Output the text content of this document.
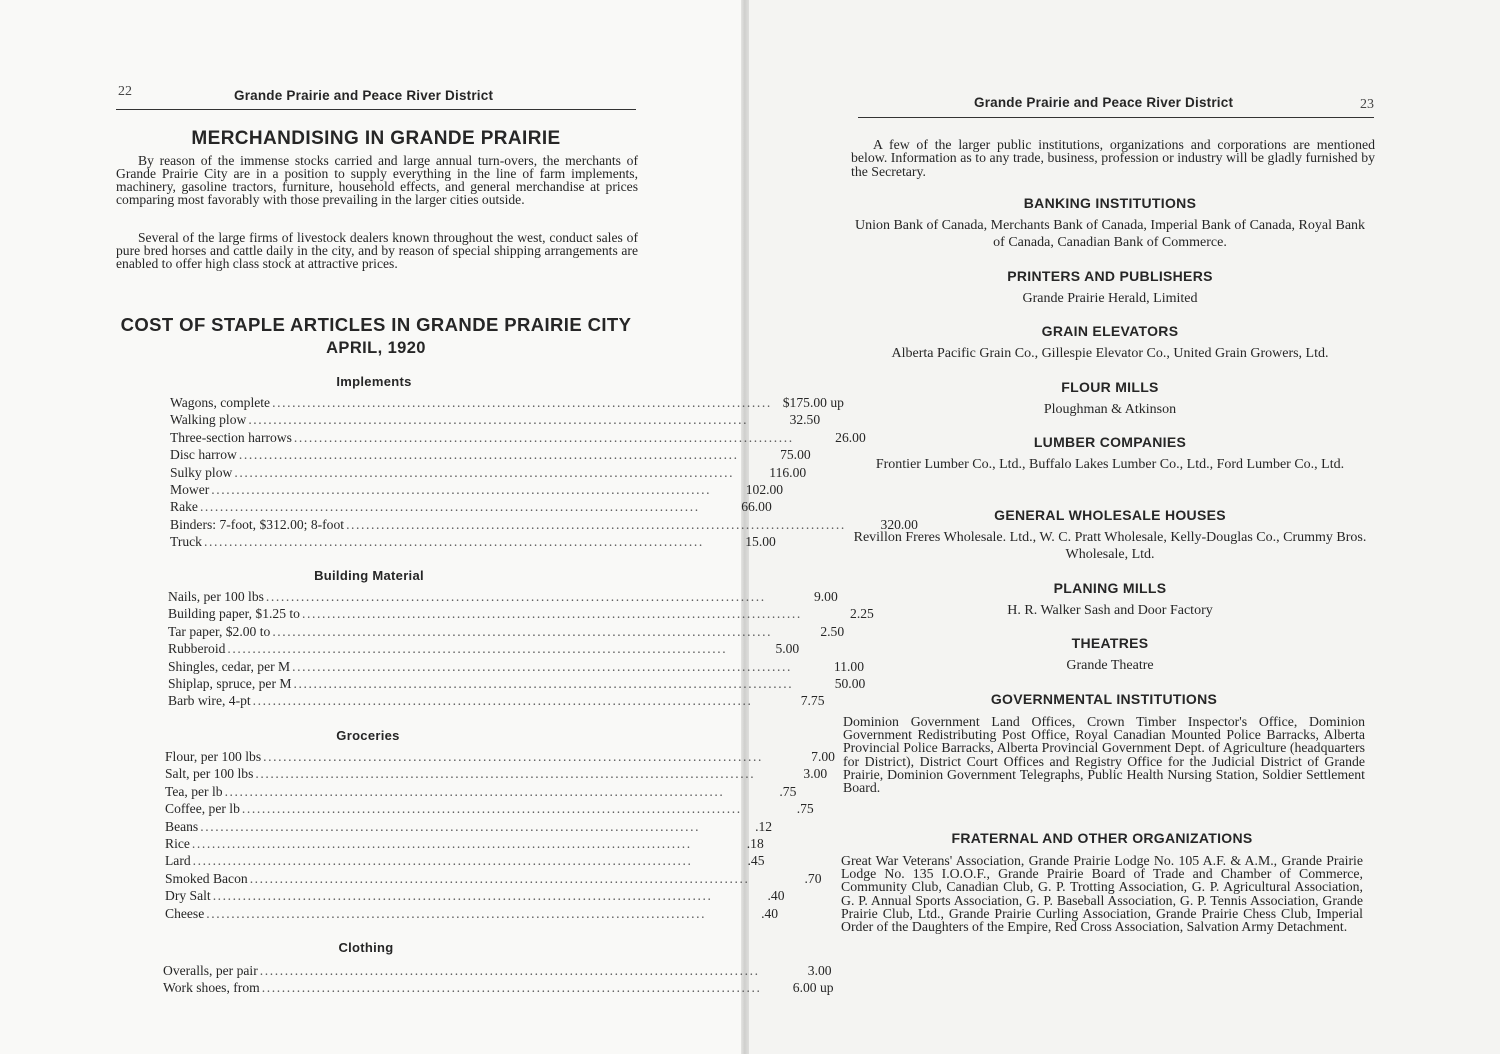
22	Grande Prairie and Peace River District
MERCHANDISING IN GRANDE PRAIRIE

By reason of the immense stocks carried and large annual turn-overs, the merchants of Grande Prairie City are in a position to supply everything in the line of farm implements, machinery, gasoline tractors, furniture, household effects, and general merchandise at prices comparing most favorably with those prevailing in the larger cities outside.

Several of the large firms of livestock dealers known throughout the west, conduct sales of pure bred horses and cattle daily in the city, and by reason of special shipping arrangements are enabled to offer high class stock at attractive prices.

COST OF STAPLE ARTICLES IN GRANDE PRAIRIE CITY
APRIL, 1920
Implements
Wagons, complete .................................................................................................... $175.00 up
Walking plow ....................................................................................................	32.50
Three-section harrows ....................................................................................................	26.00
Disc harrow ....................................................................................................	75.00
Sulky plow ....................................................................................................	116.00
Mower ....................................................................................................	102.00
Rake ....................................................................................................	66.00
Binders: 7-foot, $312.00; 8-foot ....................................................................................................	320.00
Truck ....................................................................................................	15.00
Building Material
Nails, per 100 lbs ....................................................................................................	9.00
Building paper, $1.25 to ....................................................................................................	2.25
Tar paper, $2.00 to ....................................................................................................	2.50
Rubberoid ....................................................................................................	5.00
Shingles, cedar, per M ....................................................................................................	11.00
Shiplap, spruce, per M ....................................................................................................	50.00
Barb wire, 4-pt ....................................................................................................	7.75
Groceries
Flour, per 100 lbs ....................................................................................................	7.00
Salt, per 100 lbs ....................................................................................................	3.00
Tea, per lb ....................................................................................................	.75
Coffee, per lb ....................................................................................................	.75
Beans ....................................................................................................	.12
Rice ....................................................................................................	.18
Lard ....................................................................................................	.45
Smoked Bacon ....................................................................................................	.70
Dry Salt ....................................................................................................	.40
Cheese ....................................................................................................	.40
Clothing
Overalls, per pair ....................................................................................................	3.00
Work shoes, from ....................................................................................................	6.00 up
Grande Prairie and Peace River District	23

A few of the larger public institutions, organizations and corporations are mentioned below. Information as to any trade, business, profession or industry will be gladly furnished by the Secretary.

BANKING INSTITUTIONS

Union Bank of Canada, Merchants Bank of Canada, Imperial Bank of Canada, Royal Bank of Canada, Canadian Bank of Commerce.

PRINTERS AND PUBLISHERS

Grande Prairie Herald, Limited

GRAIN ELEVATORS

Alberta Pacific Grain Co., Gillespie Elevator Co., United Grain Growers, Ltd.

FLOUR MILLS

Ploughman & Atkinson

LUMBER COMPANIES

Frontier Lumber Co., Ltd., Buffalo Lakes Lumber Co., Ltd., Ford Lumber Co., Ltd.

GENERAL WHOLESALE HOUSES

Revillon Freres Wholesale. Ltd., W. C. Pratt Wholesale, Kelly-Douglas Co., Crummy Bros. Wholesale, Ltd.

PLANING MILLS

H. R. Walker Sash and Door Factory

THEATRES

Grande Theatre

GOVERNMENTAL INSTITUTIONS

Dominion Government Land Offices, Crown Timber Inspector's Office, Dominion Government Redistributing Post Office, Royal Canadian Mounted Police Barracks, Alberta Provincial Police Barracks, Alberta Provincial Government Dept. of Agriculture (headquarters for District), District Court Offices and Registry Office for the Judicial District of Grande Prairie, Dominion Government Telegraphs, Public Health Nursing Station, Soldier Settlement Board.

FRATERNAL AND OTHER ORGANIZATIONS

Great War Veterans' Association, Grande Prairie Lodge No. 105 A.F. & A.M., Grande Prairie Lodge No. 135 I.O.O.F., Grande Prairie Board of Trade and Chamber of Commerce, Community Club, Canadian Club, G. P. Trotting Association, G. P. Agricultural Association, G. P. Annual Sports Association, G. P. Baseball Association, G. P. Tennis Association, Grande Prairie Club, Ltd., Grande Prairie Curling Association, Grande Prairie Chess Club, Imperial Order of the Daughters of the Empire, Red Cross Association, Salvation Army Detachment.
